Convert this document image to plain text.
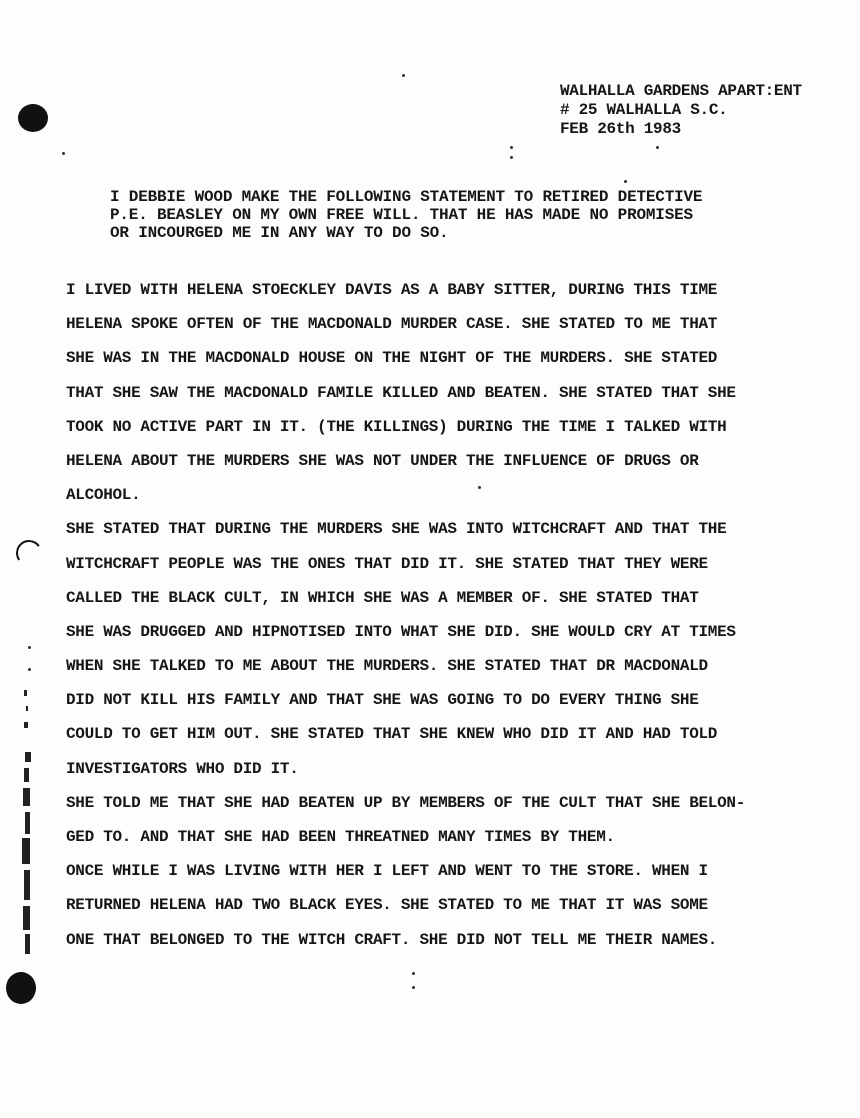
WALHALLA GARDENS APART:ENT
# 25 WALHALLA S.C.
FEB 26th 1983
I DEBBIE WOOD MAKE THE FOLLOWING STATEMENT TO RETIRED DETECTIVE
P.E. BEASLEY ON MY OWN FREE WILL. THAT HE HAS MADE NO PROMISES
OR INCOURGED ME IN ANY WAY TO DO SO.
I LIVED WITH HELENA STOECKLEY DAVIS AS A BABY SITTER, DURING THIS TIME
HELENA SPOKE OFTEN OF THE MACDONALD MURDER CASE. SHE STATED TO ME THAT
SHE WAS IN THE MACDONALD HOUSE ON THE NIGHT OF THE MURDERS. SHE STATED
THAT SHE SAW THE MACDONALD FAMILE KILLED AND BEATEN. SHE STATED THAT SHE
TOOK NO ACTIVE PART IN IT. (THE KILLINGS) DURING THE TIME I TALKED WITH
HELENA ABOUT THE MURDERS SHE WAS NOT UNDER THE INFLUENCE OF DRUGS OR
ALCOHOL.
SHE STATED THAT DURING THE MURDERS SHE WAS INTO WITCHCRAFT AND THAT THE
WITCHCRAFT PEOPLE WAS THE ONES THAT DID IT. SHE STATED THAT THEY WERE
CALLED THE BLACK CULT, IN WHICH SHE WAS A MEMBER OF. SHE STATED THAT
SHE WAS DRUGGED AND HIPNOTISED INTO WHAT SHE DID. SHE WOULD CRY AT TIMES
WHEN SHE TALKED TO ME ABOUT THE MURDERS. SHE STATED THAT DR MACDONALD
DID NOT KILL HIS FAMILY AND THAT SHE WAS GOING TO DO EVERY THING SHE
COULD TO GET HIM OUT. SHE STATED THAT SHE KNEW WHO DID IT AND HAD TOLD
INVESTIGATORS WHO DID IT.
SHE TOLD ME THAT SHE HAD BEATEN UP BY MEMBERS OF THE CULT THAT SHE BELON-
GED TO. AND THAT SHE HAD BEEN THREATNED MANY TIMES BY THEM.
ONCE WHILE I WAS LIVING WITH HER I LEFT AND WENT TO THE STORE. WHEN I
RETURNED HELENA HAD TWO BLACK EYES. SHE STATED TO ME THAT IT WAS SOME
ONE THAT BELONGED TO THE WITCH CRAFT. SHE DID NOT TELL ME THEIR NAMES.
